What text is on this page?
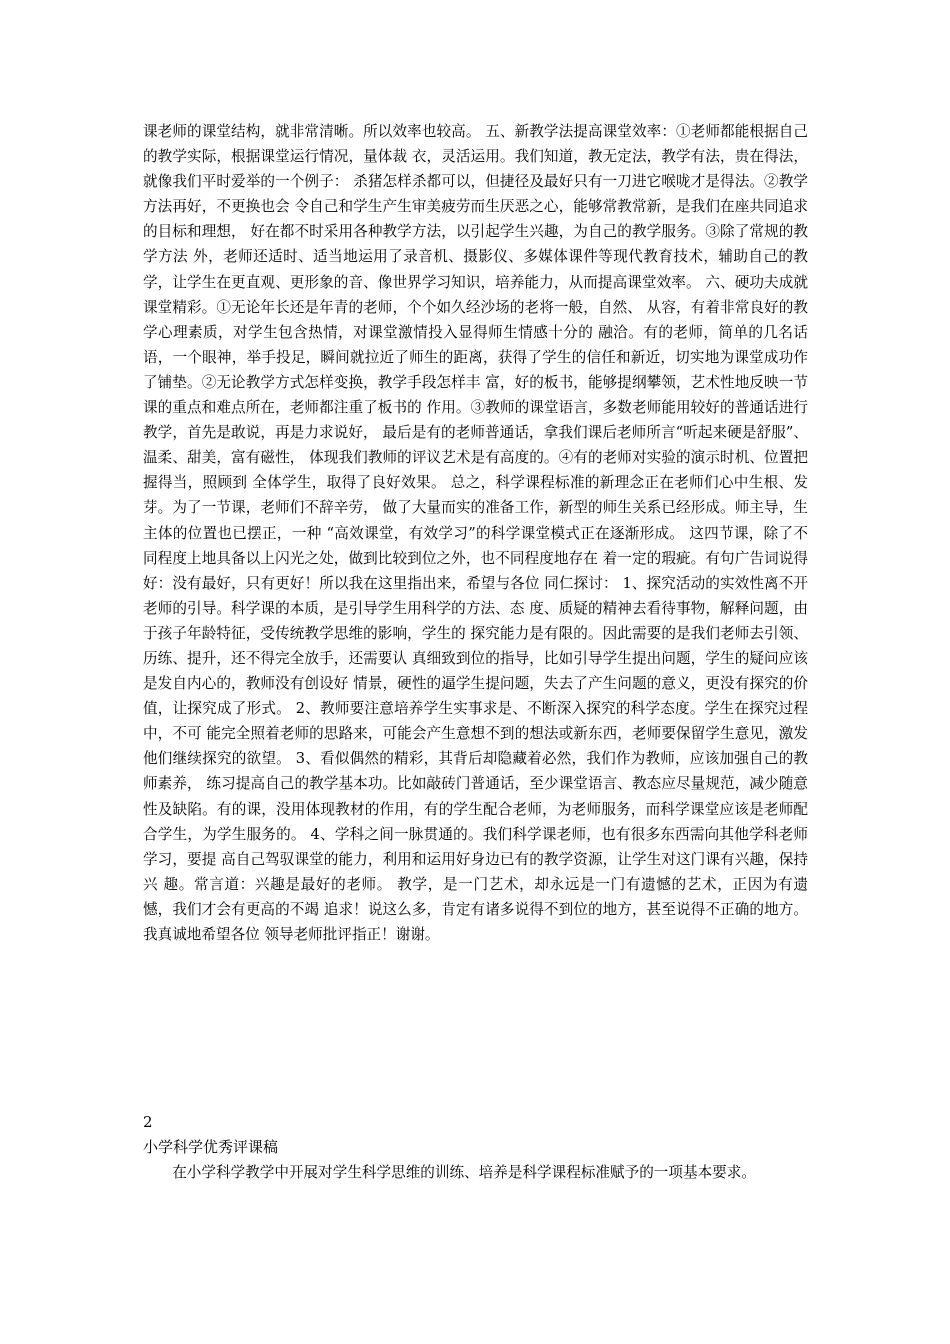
课老师的课堂结构，就非常清晰。所以效率也较高。 五、新教学法提高课堂效率：①老师都能根据自己的教学实际，根据课堂运行情况，量体裁 衣，灵活运用。我们知道，教无定法，教学有法，贵在得法，就像我们平时爱举的一个例子： 杀猪怎样杀都可以，但捷径及最好只有一刀进它喉咙才是得法。②教学方法再好，不更换也会 令自己和学生产生审美疲劳而生厌恶之心，能够常教常新，是我们在座共同追求的目标和理想， 好在都不时采用各种教学方法，以引起学生兴趣，为自己的教学服务。③除了常规的教学方法 外，老师还适时、适当地运用了录音机、摄影仪、多媒体课件等现代教育技术，辅助自己的教 学，让学生在更直观、更形象的音、像世界学习知识，培养能力，从而提高课堂效率。 六、硬功夫成就课堂精彩。①无论年长还是年青的老师，个个如久经沙场的老将一般，自然、 从容，有着非常良好的教学心理素质，对学生包含热情，对课堂激情投入显得师生情感十分的 融洽。有的老师，简单的几名话语，一个眼神，举手投足，瞬间就拉近了师生的距离，获得了学生的信任和新近，切实地为课堂成功作了铺垫。②无论教学方式怎样变换，教学手段怎样丰 富，好的板书，能够提纲攀领，艺术性地反映一节课的重点和难点所在，老师都注重了板书的 作用。③教师的课堂语言，多数老师能用较好的普通话进行教学，首先是敢说，再是力求说好， 最后是有的老师普通话，拿我们课后老师所言“听起来硬是舒服”、温柔、甜美，富有磁性， 体现我们教师的评议艺术是有高度的。④有的老师对实验的演示时机、位置把握得当，照顾到 全体学生，取得了良好效果。 总之，科学课程标准的新理念正在老师们心中生根、发芽。为了一节课，老师们不辞辛劳， 做了大量而实的准备工作，新型的师生关系已经形成。师主导，生主体的位置也已摆正，一种 “高效课堂，有效学习”的科学课堂模式正在逐渐形成。 这四节课，除了不同程度上地具备以上闪光之处，做到比较到位之外，也不同程度地存在 着一定的瑕疵。有句广告词说得好：没有最好，只有更好！所以我在这里指出来，希望与各位 同仁探讨： 1、探究活动的实效性离不开老师的引导。科学课的本质，是引导学生用科学的方法、态 度、质疑的精神去看待事物，解释问题，由于孩子年龄特征，受传统教学思维的影响，学生的 探究能力是有限的。因此需要的是我们老师去引领、历练、提升，还不得完全放手，还需要认 真细致到位的指导，比如引导学生提出问题，学生的疑问应该是发自内心的，教师没有创设好 情景，硬性的逼学生提问题，失去了产生问题的意义，更没有探究的价值，让探究成了形式。 2、教师要注意培养学生实事求是、不断深入探究的科学态度。学生在探究过程中，不可 能完全照着老师的思路来，可能会产生意想不到的想法或新东西，老师要保留学生意见，激发 他们继续探究的欲望。 3、看似偶然的精彩，其背后却隐藏着必然，我们作为教师，应该加强自己的教师素养， 练习提高自己的教学基本功。比如敲砖门普通话，至少课堂语言、教态应尽量规范，减少随意 性及缺陷。有的课，没用体现教材的作用，有的学生配合老师，为老师服务，而科学课堂应该是老师配合学生，为学生服务的。 4、学科之间一脉贯通的。我们科学课老师，也有很多东西需向其他学科老师学习，要提 高自己驾驭课堂的能力，利用和运用好身边已有的教学资源，让学生对这门课有兴趣，保持兴 趣。常言道：兴趣是最好的老师。 教学，是一门艺术，却永远是一门有遗憾的艺术，正因为有遗憾，我们才会有更高的不竭 追求！说这么多，肯定有诸多说得不到位的地方，甚至说得不正确的地方。我真诚地希望各位 领导老师批评指正！谢谢。

2

小学科学优秀评课稿

在小学科学教学中开展对学生科学思维的训练、培养是科学课程标准赋予的一项基本要求。
